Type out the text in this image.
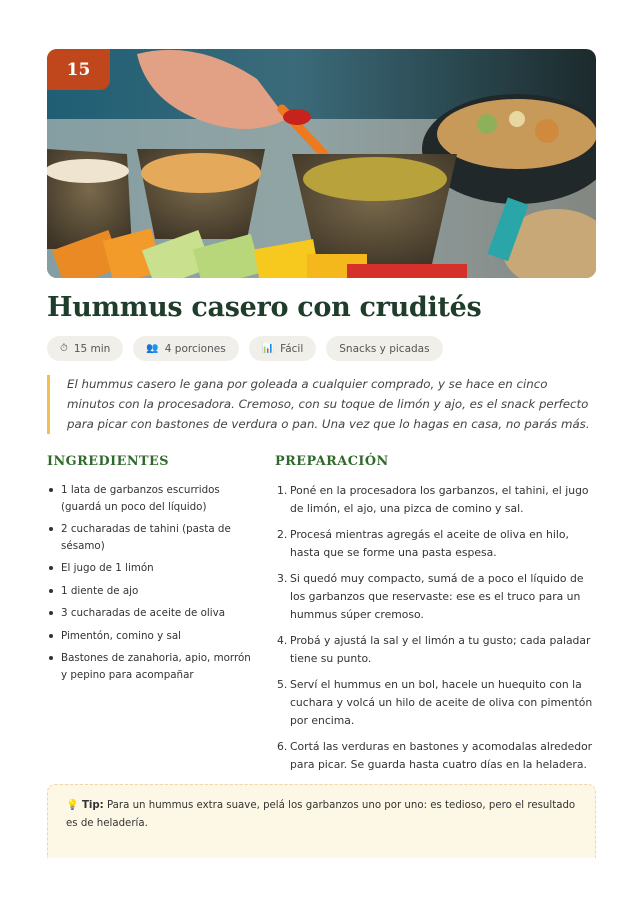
15
Hummus casero con crudités
⏱ 15 min	👥 4 porciones	📊 Fácil	Snacks y picadas

El hummus casero le gana por goleada a cualquier comprado, y se hace en cinco minutos con la procesadora. Cremoso, con su toque de limón y ajo, es el snack perfecto para picar con bastones de verdura o pan. Una vez que lo hagas en casa, no parás más.

INGREDIENTES
1 lata de garbanzos escurridos (guardá un poco del líquido)
2 cucharadas de tahini (pasta de sésamo)
El jugo de 1 limón
1 diente de ajo
3 cucharadas de aceite de oliva
Pimentón, comino y sal
Bastones de zanahoria, apio, morrón y pepino para acompañar
PREPARACIÓN
1. Poné en la procesadora los garbanzos, el tahini, el jugo de limón, el ajo, una pizca de comino y sal.
2. Procesá mientras agregás el aceite de oliva en hilo, hasta que se forme una pasta espesa.
3. Si quedó muy compacto, sumá de a poco el líquido de los garbanzos que reservaste: ese es el truco para un hummus súper cremoso.
4. Probá y ajustá la sal y el limón a tu gusto; cada paladar tiene su punto.
5. Serví el hummus en un bol, hacele un huequito con la cuchara y volcá un hilo de aceite de oliva con pimentón por encima.
6. Cortá las verduras en bastones y acomodalas alrededor para picar. Se guarda hasta cuatro días en la heladera.
💡 Tip: Para un hummus extra suave, pelá los garbanzos uno por uno: es tedioso, pero el resultado es de heladería.
